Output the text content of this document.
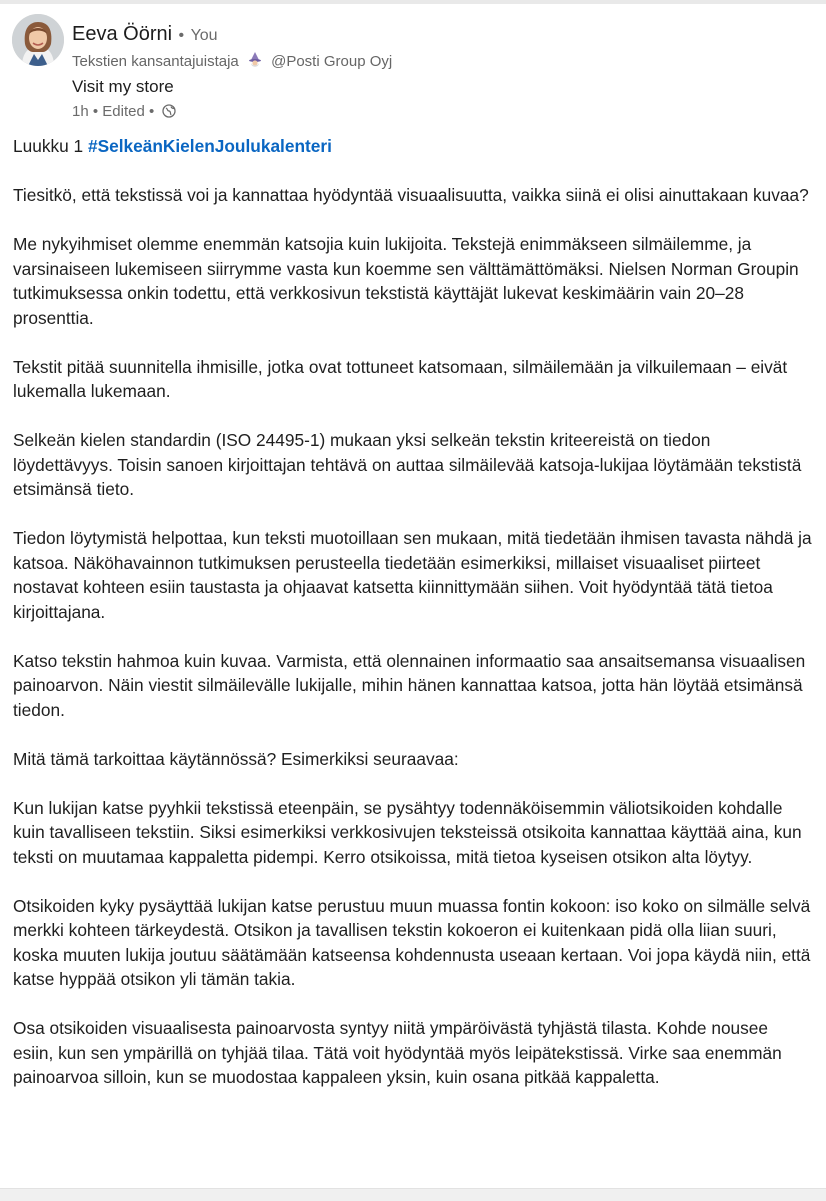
Eeva Öörni • You
Tekstien kansantajuistaja @Posti Group Oyj
Visit my store
1h • Edited •

Luukku 1 #SelkeänKielenJoulukalenteri

Tiesitkö, että tekstissä voi ja kannattaa hyödyntää visuaalisuutta, vaikka siinä ei olisi ainuttakaan kuvaa?

Me nykyihmiset olemme enemmän katsojia kuin lukijoita. Tekstejä enimmäkseen silmäilemme, ja varsinaiseen lukemiseen siirrymme vasta kun koemme sen välttämättömäksi. Nielsen Norman Groupin tutkimuksessa onkin todettu, että verkkosivun tekstistä käyttäjät lukevat keskimäärin vain 20–28 prosenttia.

Tekstit pitää suunnitella ihmisille, jotka ovat tottuneet katsomaan, silmäilemään ja vilkuilemaan – eivät lukemalla lukemaan.

Selkeän kielen standardin (ISO 24495-1) mukaan yksi selkeän tekstin kriteereistä on tiedon löydettävyys. Toisin sanoen kirjoittajan tehtävä on auttaa silmäilevää katsoja-lukijaa löytämään tekstistä etsimänsä tieto.

Tiedon löytymistä helpottaa, kun teksti muotoillaan sen mukaan, mitä tiedetään ihmisen tavasta nähdä ja katsoa. Näköhavainnon tutkimuksen perusteella tiedetään esimerkiksi, millaiset visuaaliset piirteet nostavat kohteen esiin taustasta ja ohjaavat katsetta kiinnittymään siihen. Voit hyödyntää tätä tietoa kirjoittajana.

Katso tekstin hahmoa kuin kuvaa. Varmista, että olennainen informaatio saa ansaitsemansa visuaalisen painoarvon. Näin viestit silmäilevälle lukijalle, mihin hänen kannattaa katsoa, jotta hän löytää etsimänsä tiedon.

Mitä tämä tarkoittaa käytännössä? Esimerkiksi seuraavaa:

Kun lukijan katse pyyhkii tekstissä eteenpäin, se pysähtyy todennäköisemmin väliotsikoiden kohdalle kuin tavalliseen tekstiin. Siksi esimerkiksi verkkosivujen teksteissä otsikoita kannattaa käyttää aina, kun teksti on muutamaa kappaletta pidempi. Kerro otsikoissa, mitä tietoa kyseisen otsikon alta löytyy.

Otsikoiden kyky pysäyttää lukijan katse perustuu muun muassa fontin kokoon: iso koko on silmälle selvä merkki kohteen tärkeydestä. Otsikon ja tavallisen tekstin kokoeron ei kuitenkaan pidä olla liian suuri, koska muuten lukija joutuu säätämään katseensa kohdennusta useaan kertaan. Voi jopa käydä niin, että katse hyppää otsikon yli tämän takia.

Osa otsikoiden visuaalisesta painoarvosta syntyy niitä ympäröivästä tyhjästä tilasta. Kohde nousee esiin, kun sen ympärillä on tyhjää tilaa. Tätä voit hyödyntää myös leipätekstissä. Virke saa enemmän painoarvoa silloin, kun se muodostaa kappaleen yksin, kuin osana pitkää kappaletta.
